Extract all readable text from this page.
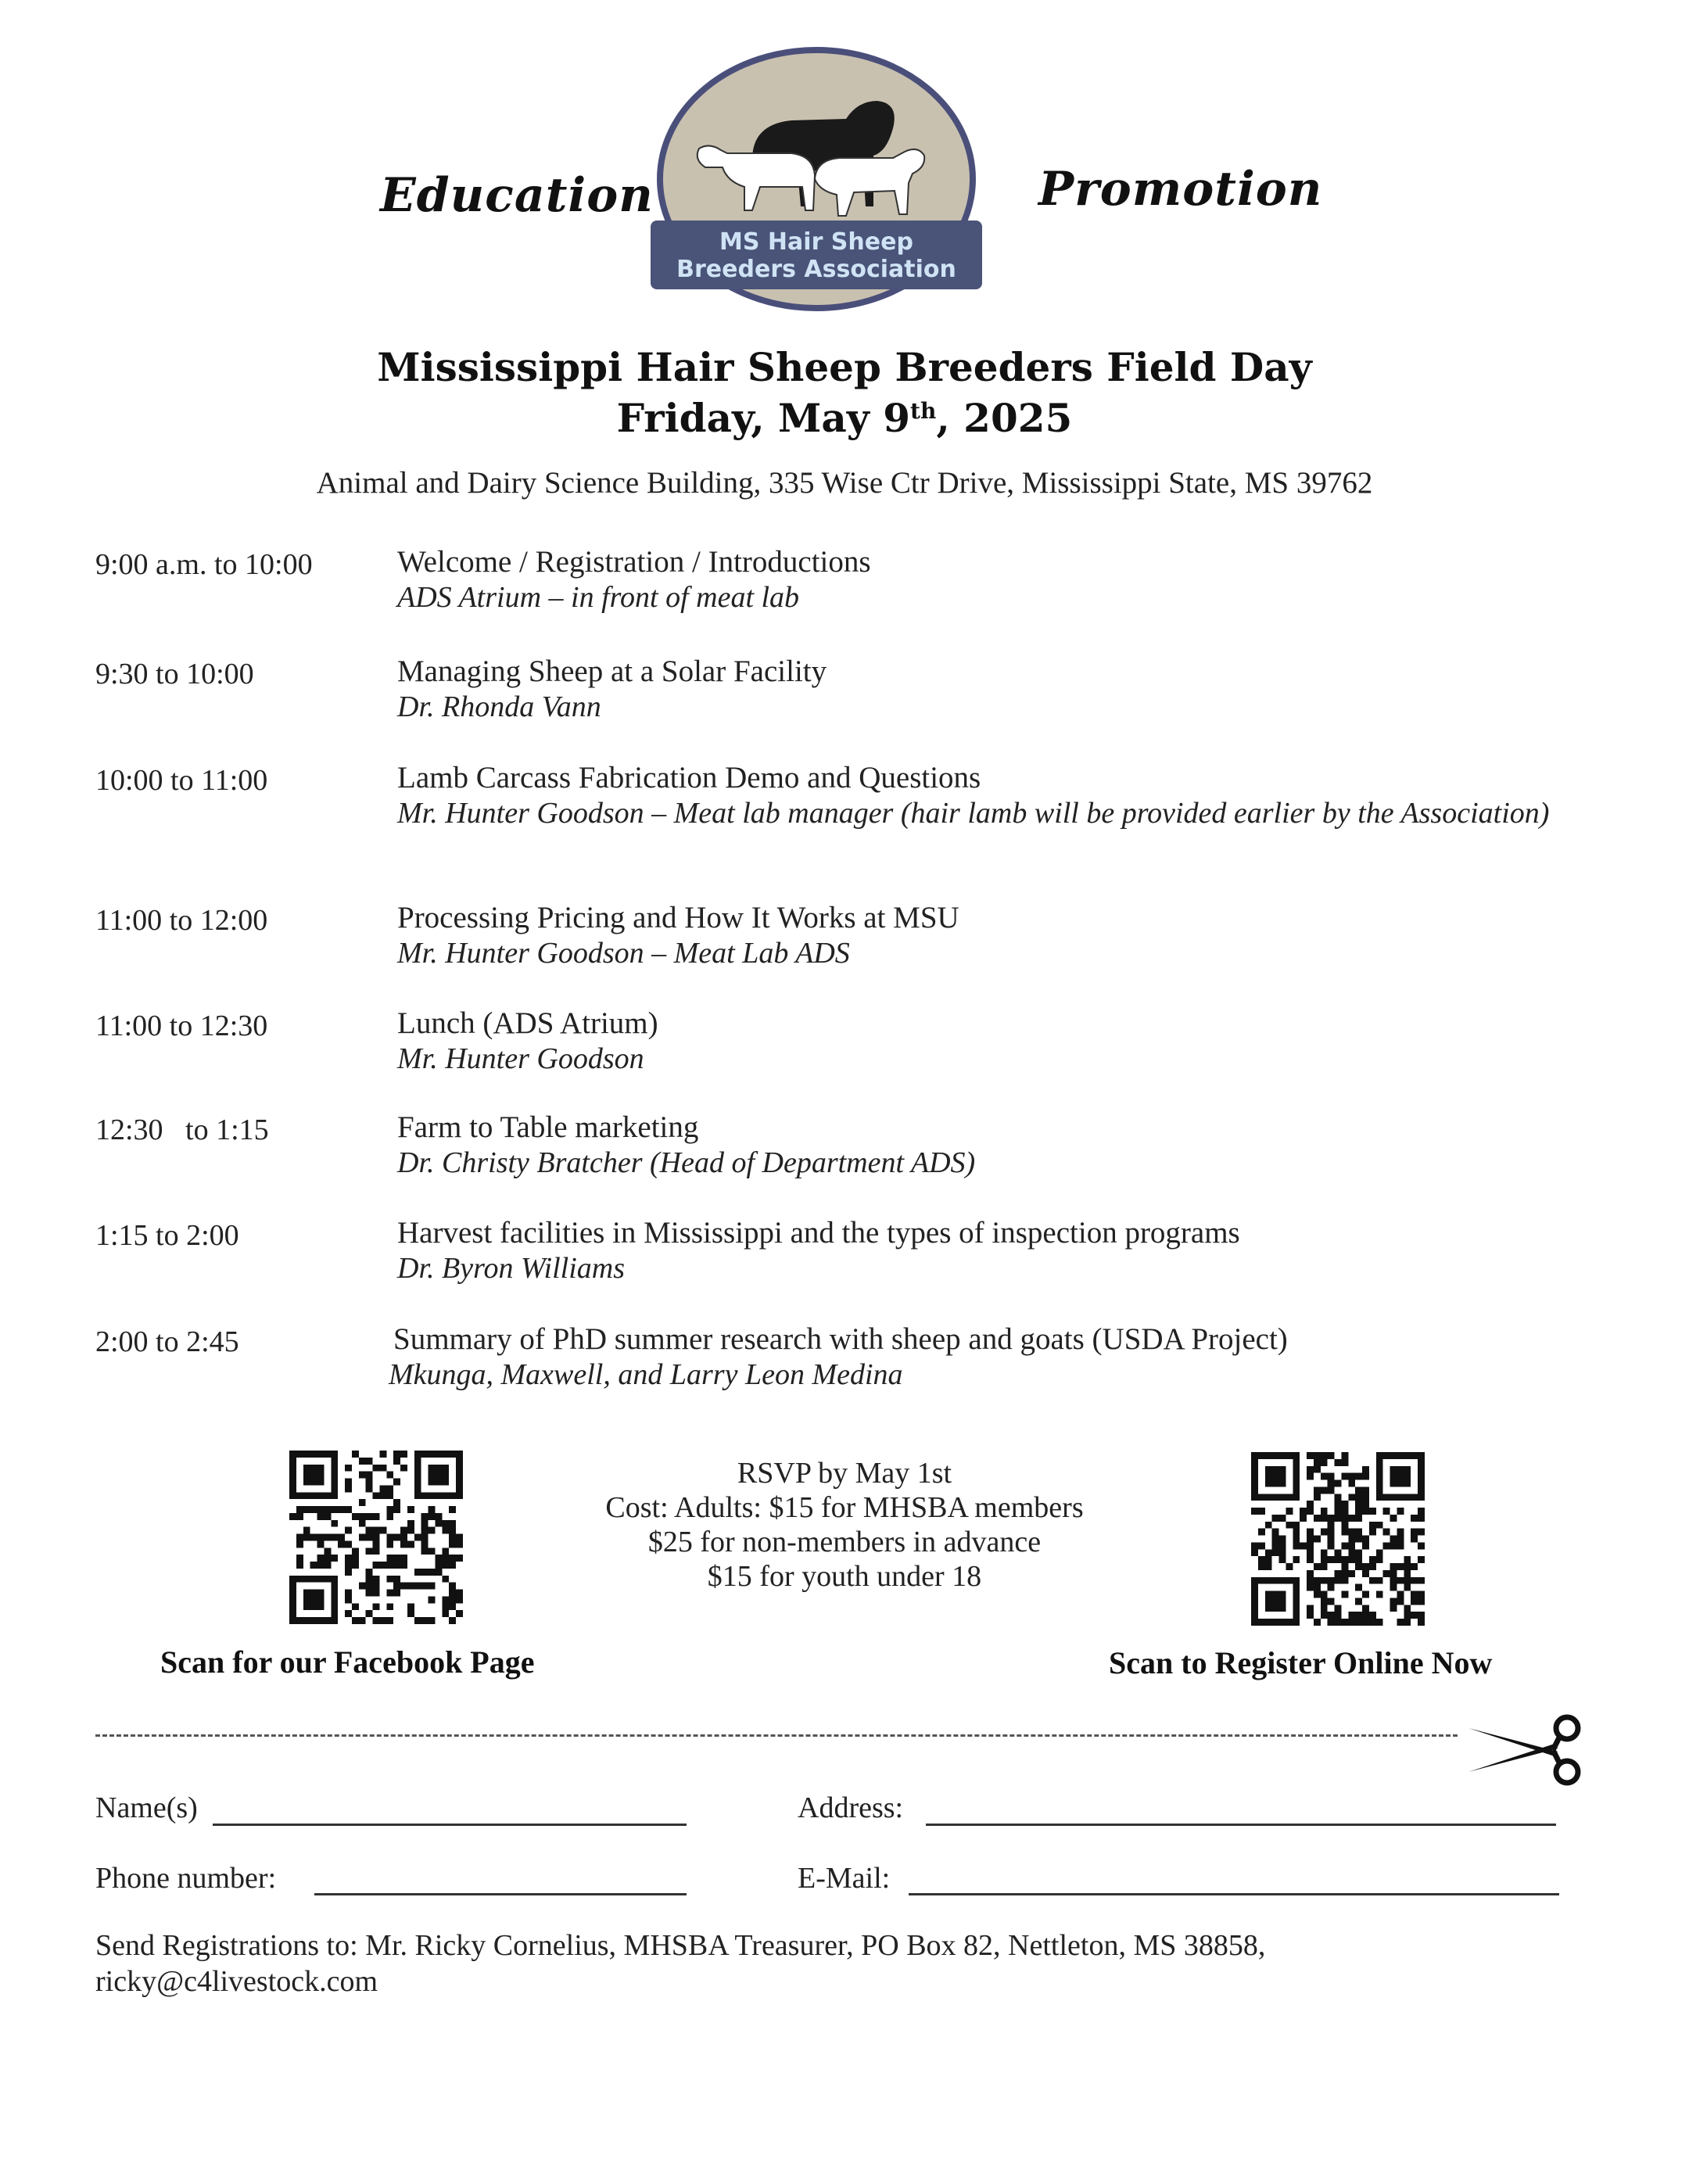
Education	Promotion
MS Hair Sheep
Breeders Association
Mississippi Hair Sheep Breeders Field Day
Friday, May 9th, 2025
Animal and Dairy Science Building, 335 Wise Ctr Drive, Mississippi State, MS 39762
9:00 a.m. to 10:00	Welcome / Registration / Introductions
ADS Atrium – in front of meat lab
9:30 to 10:00	Managing Sheep at a Solar Facility
Dr. Rhonda Vann
10:00 to 11:00	Lamb Carcass Fabrication Demo and Questions
Mr. Hunter Goodson – Meat lab manager (hair lamb will be provided earlier by the Association)
11:00 to 12:00	Processing Pricing and How It Works at MSU
Mr. Hunter Goodson – Meat Lab ADS
11:00 to 12:30	Lunch (ADS Atrium)
Mr. Hunter Goodson
12:30   to 1:15	Farm to Table marketing
Dr. Christy Bratcher (Head of Department ADS)
1:15 to 2:00	Harvest facilities in Mississippi and the types of inspection programs
Dr. Byron Williams
2:00 to 2:45	Summary of PhD summer research with sheep and goats (USDA Project)
Mkunga, Maxwell, and Larry Leon Medina
Scan for our Facebook Page	Scan to Register Online Now
RSVP by May 1st
Cost: Adults: $15 for MHSBA members
$25 for non-members in advance
$15 for youth under 18
Name(s)	Address:
Phone number:	E-Mail:
Send Registrations to: Mr. Ricky Cornelius, MHSBA Treasurer, PO Box 82, Nettleton, MS 38858,
ricky@c4livestock.com
